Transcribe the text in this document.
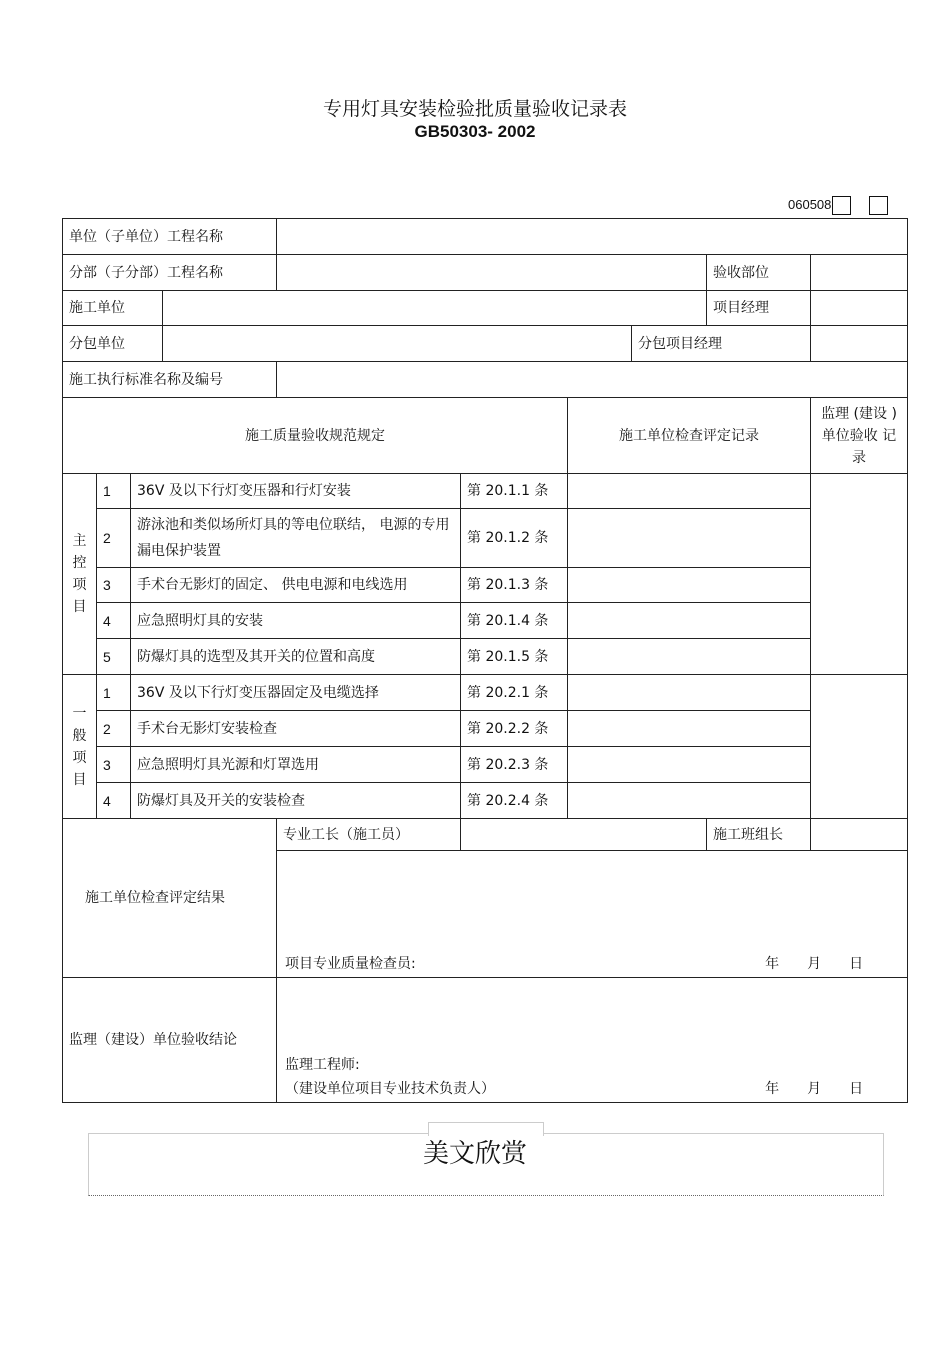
专用灯具安装检验批质量验收记录表
GB50303- 2002
060508
单位（子单位）工程名称									
分部（子分部）工程名称								验收部位	
施工单位								项目经理	
分包单位							分包项目经理		
施工执行标准名称及编号									
施工质量验收规范规定						施工单位检查评定记录			监理 (建设 ) 单位验收 记录

主控项目	1	36V 及以下行灯变压器和行灯安装			第 20.1.1 条				
	2	游泳池和类似场所灯具的等电位联结， 电源的专用漏电保护装置			第 20.1.2 条				
	3	手术台无影灯的固定、 供电电源和电线选用			第 20.1.3 条				
	4	应急照明灯具的安装			第 20.1.4 条				
	5	防爆灯具的选型及其开关的位置和高度			第 20.1.5 条				

一般项目	1	36V 及以下行灯变压器固定及电缆选择			第 20.2.1 条				
	2	手术台无影灯安装检查			第 20.2.2 条				
	3	应急照明灯具光源和灯罩选用			第 20.2.3 条				
	4	防爆灯具及开关的安装检查			第 20.2.4 条				
施工单位检查评定结果				专业工长（施工员）				施工班组长	

				项目专业质量检查员: 年 月 日					

监理（建设）单位验收结论				监理工程师:
（建设单位项目专业技术负责人） 年 月 日					
美文欣赏
